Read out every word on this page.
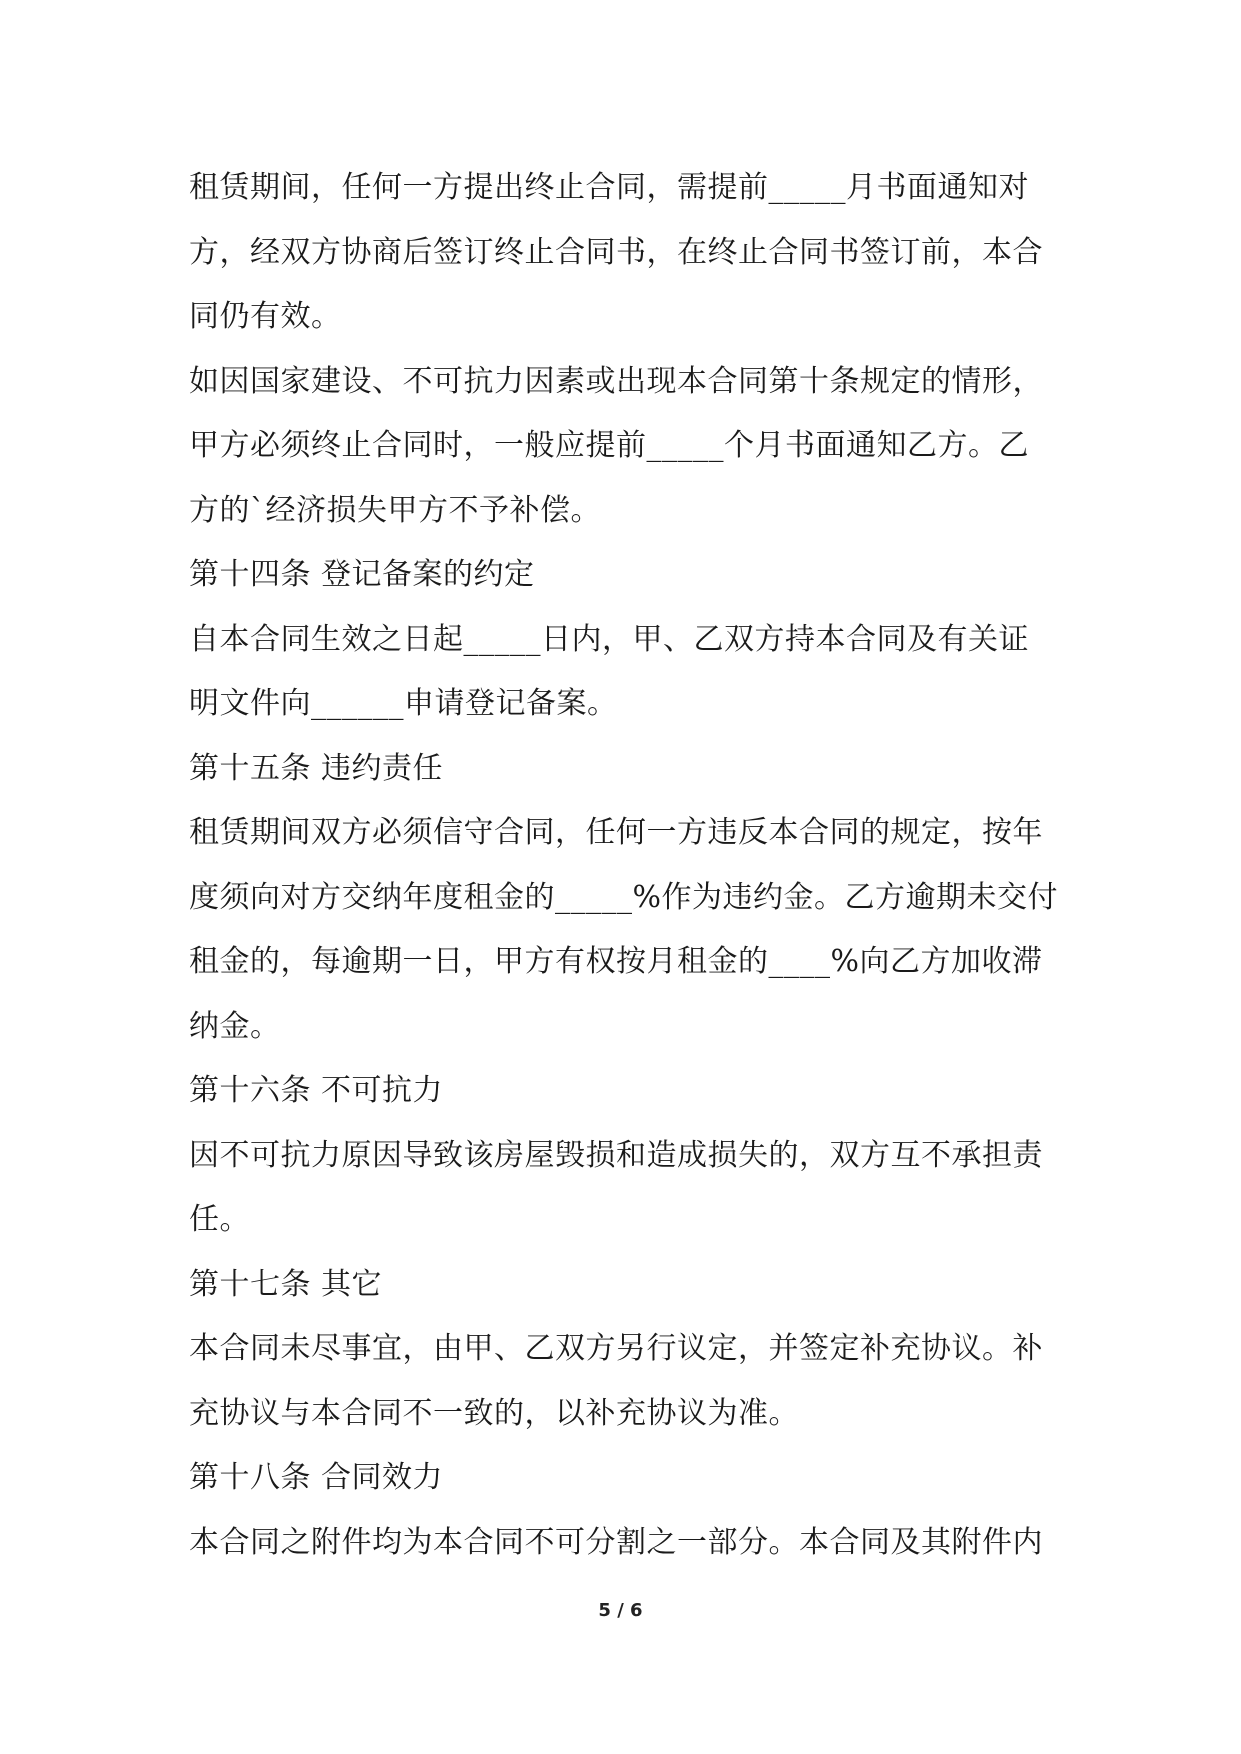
租赁期间，任何一方提出终止合同，需提前_____月书面通知对
方，经双方协商后签订终止合同书，在终止合同书签订前，本合
同仍有效。
如因国家建设、不可抗力因素或出现本合同第十条规定的情形，
甲方必须终止合同时，一般应提前_____个月书面通知乙方。乙
方的`经济损失甲方不予补偿。
第十四条 登记备案的约定
自本合同生效之日起_____日内，甲、乙双方持本合同及有关证
明文件向______申请登记备案。
第十五条 违约责任
租赁期间双方必须信守合同，任何一方违反本合同的规定，按年
度须向对方交纳年度租金的_____%作为违约金。乙方逾期未交付
租金的，每逾期一日，甲方有权按月租金的____%向乙方加收滞
纳金。
第十六条 不可抗力
因不可抗力原因导致该房屋毁损和造成损失的，双方互不承担责
任。
第十七条 其它
本合同未尽事宜，由甲、乙双方另行议定，并签定补充协议。补
充协议与本合同不一致的，以补充协议为准。
第十八条 合同效力
本合同之附件均为本合同不可分割之一部分。本合同及其附件内
5 / 6
